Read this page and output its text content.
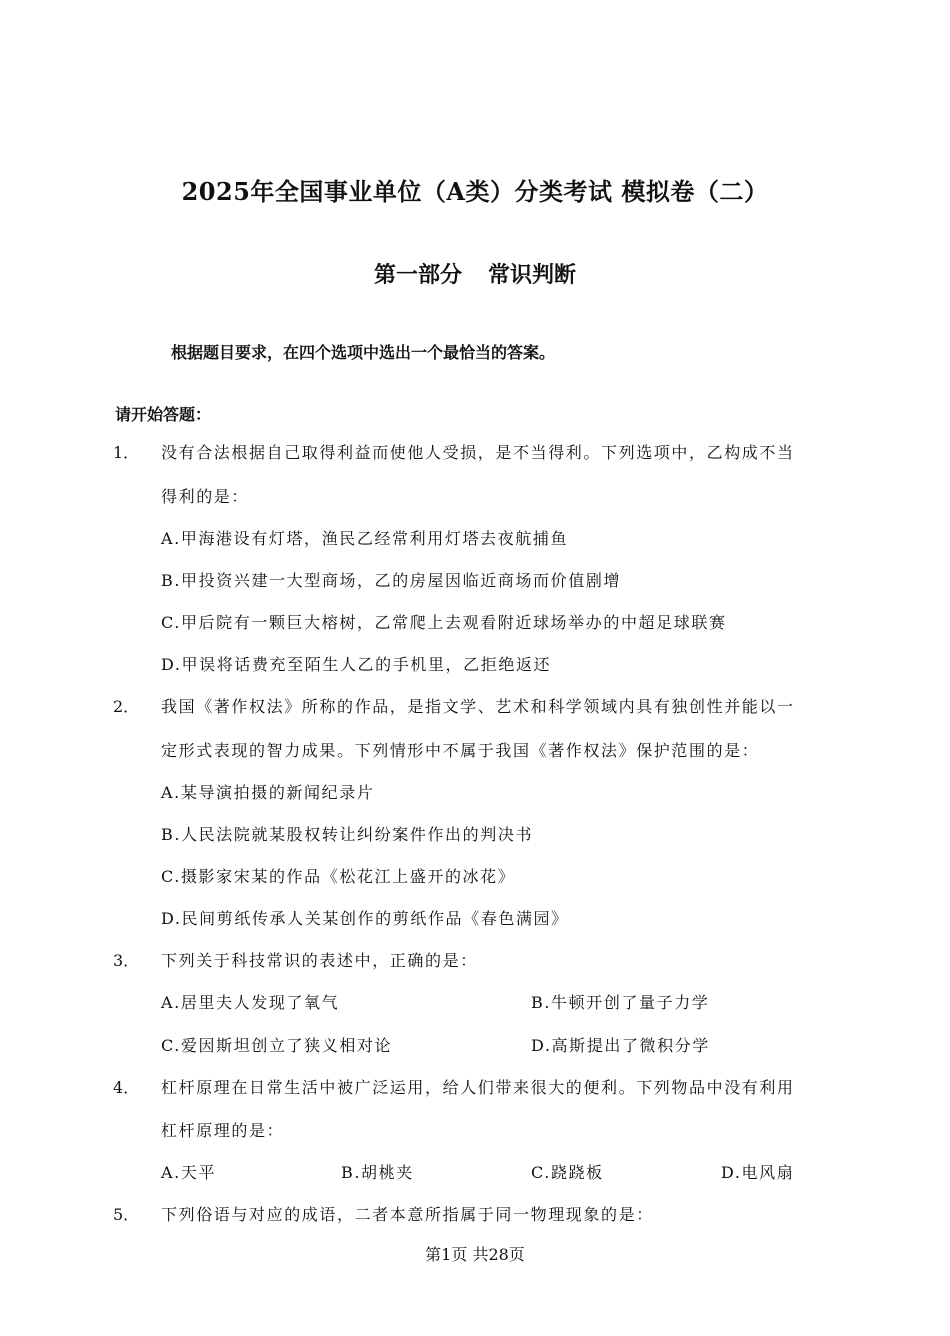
2025年全国事业单位（A类）分类考试 模拟卷（二）
第一部分 常识判断
根据题目要求，在四个选项中选出一个最恰当的答案。
请开始答题：
1． 没有合法根据自己取得利益而使他人受损，是不当得利。下列选项中，乙构成不当
得利的是：
A.甲海港设有灯塔，渔民乙经常利用灯塔去夜航捕鱼
B.甲投资兴建一大型商场，乙的房屋因临近商场而价值剧增
C.甲后院有一颗巨大榕树，乙常爬上去观看附近球场举办的中超足球联赛
D.甲误将话费充至陌生人乙的手机里，乙拒绝返还
2． 我国《著作权法》所称的作品，是指文学、艺术和科学领域内具有独创性并能以一
定形式表现的智力成果。下列情形中不属于我国《著作权法》保护范围的是：
A.某导演拍摄的新闻纪录片
B.人民法院就某股权转让纠纷案件作出的判决书
C.摄影家宋某的作品《松花江上盛开的冰花》
D.民间剪纸传承人关某创作的剪纸作品《春色满园》
3． 下列关于科技常识的表述中，正确的是：
A.居里夫人发现了氧气	B.牛顿开创了量子力学
C.爱因斯坦创立了狭义相对论	D.高斯提出了微积分学
4． 杠杆原理在日常生活中被广泛运用，给人们带来很大的便利。下列物品中没有利用
杠杆原理的是：
A.天平	B.胡桃夹	C.跷跷板	D.电风扇
5． 下列俗语与对应的成语，二者本意所指属于同一物理现象的是：
第1页 共28页
